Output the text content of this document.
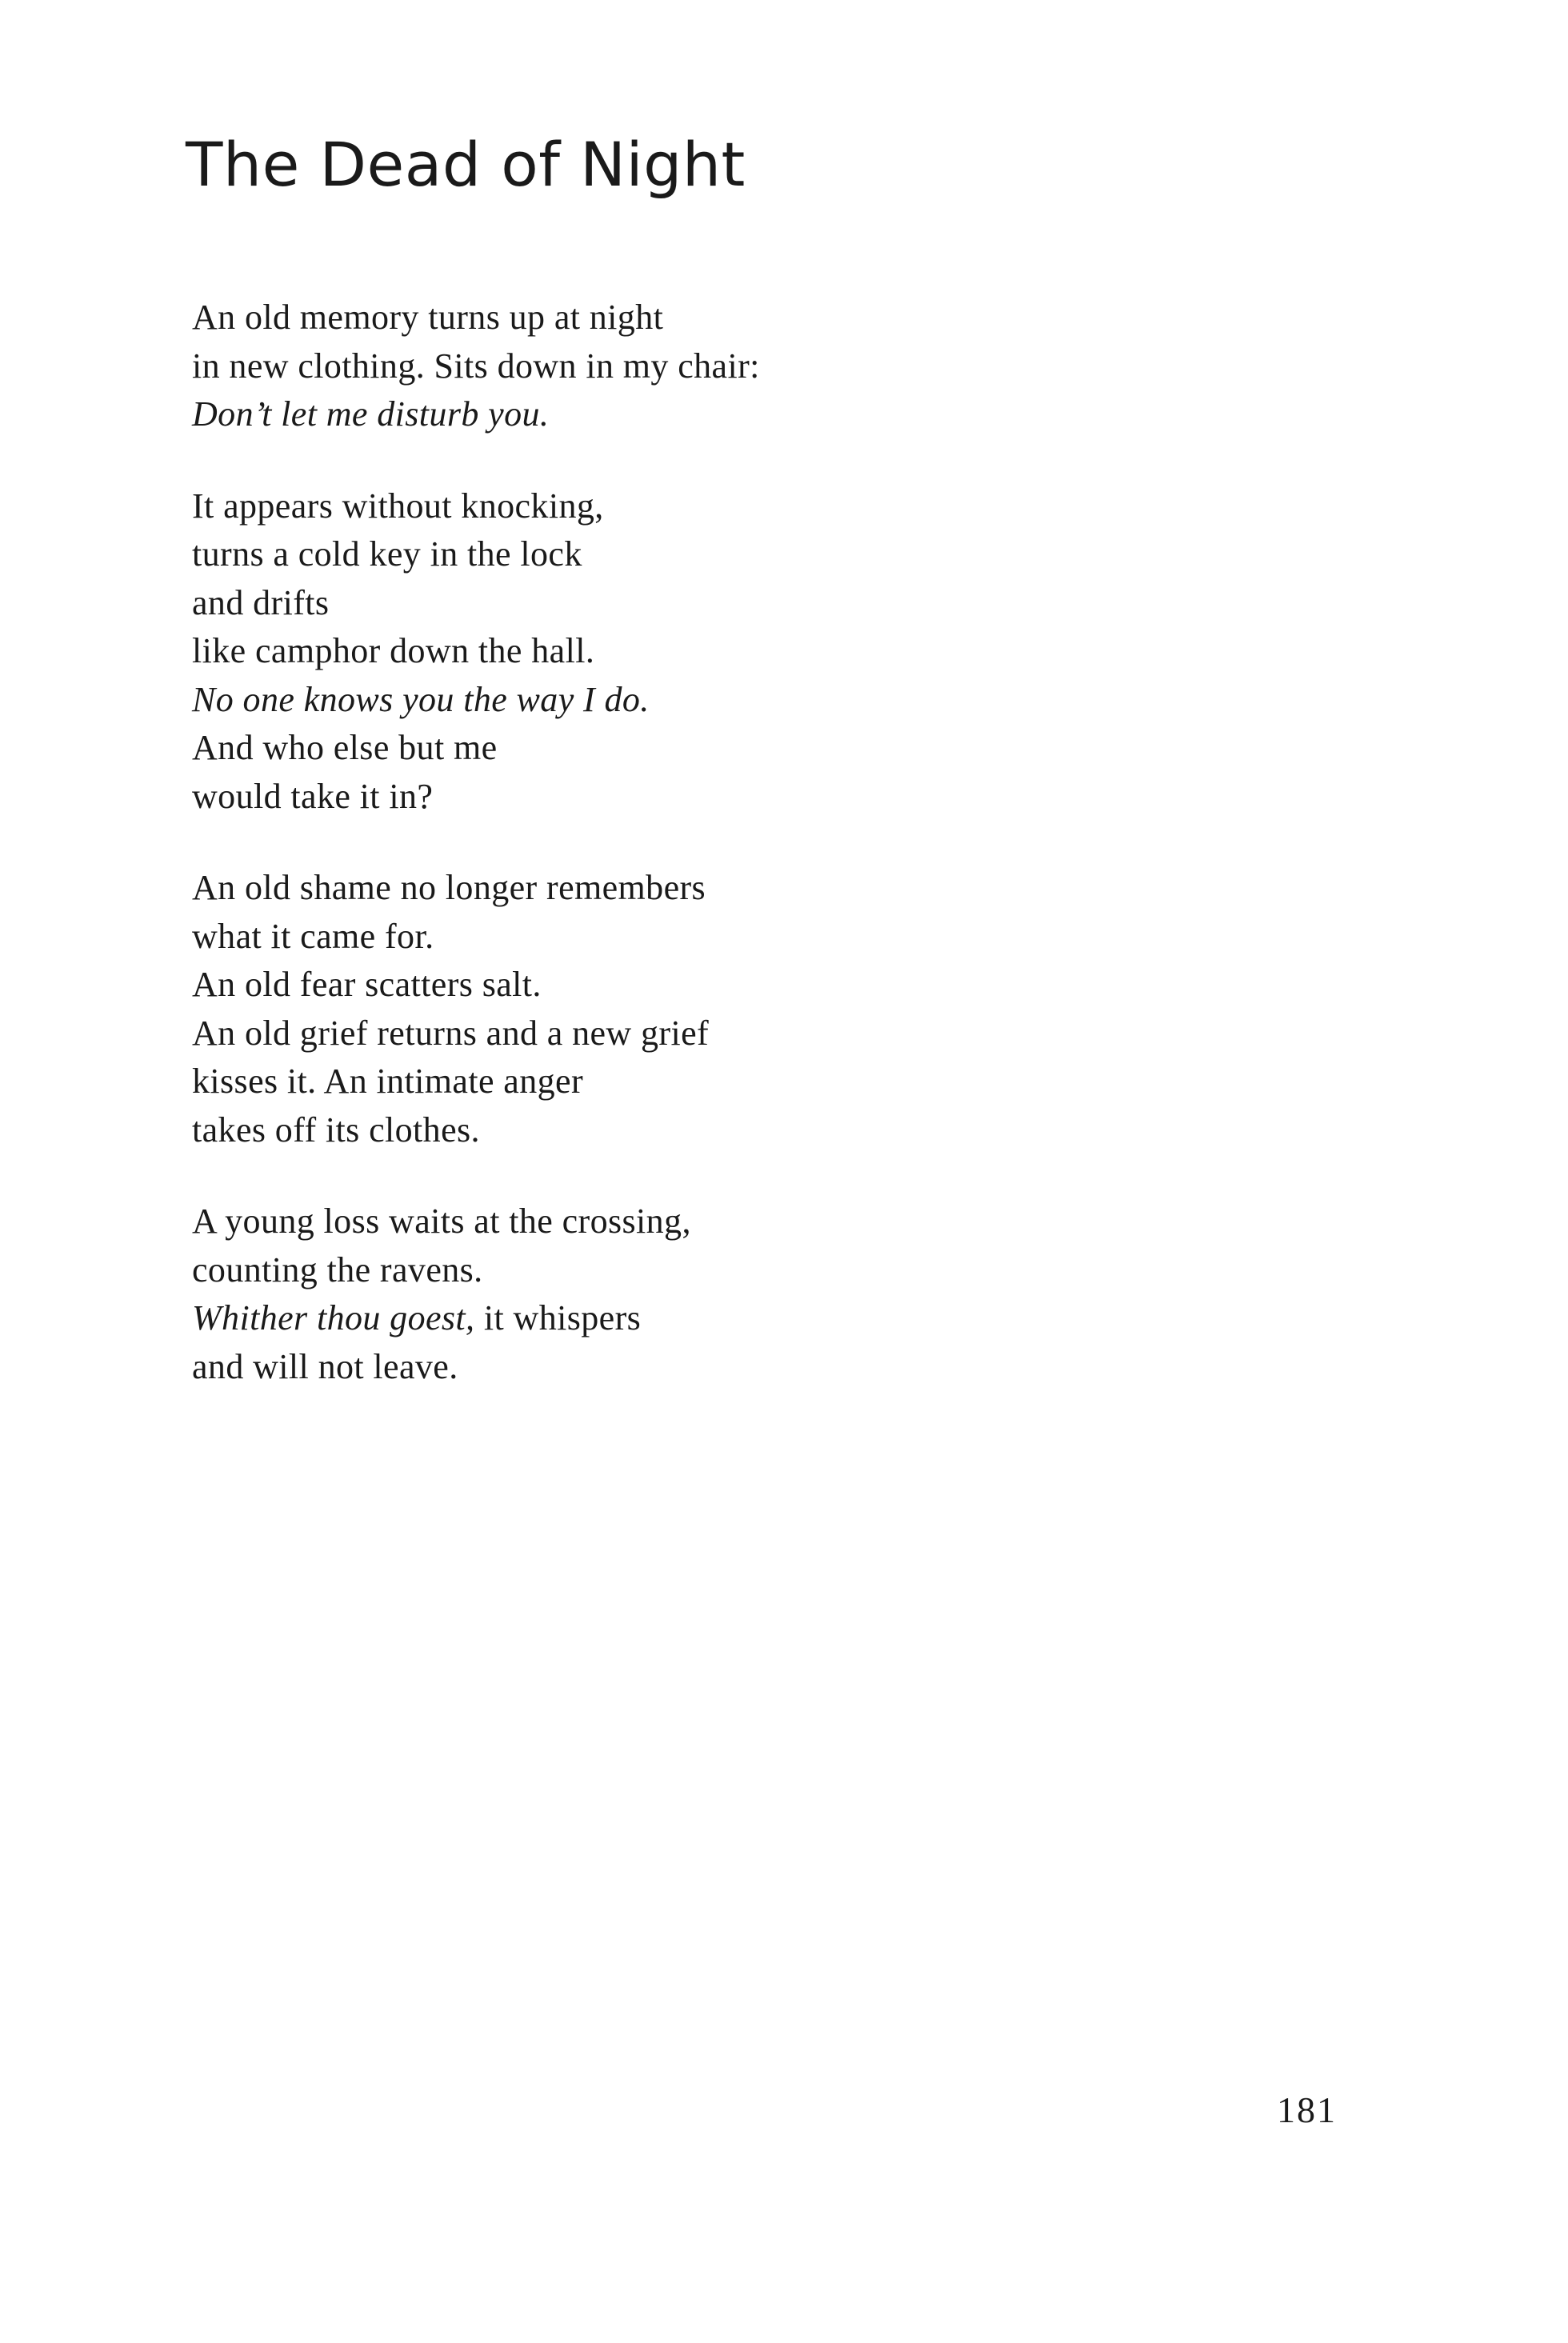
The Dead of Night
An old memory turns up at night
in new clothing. Sits down in my chair:
Don’t let me disturb you.
It appears without knocking,
turns a cold key in the lock
and drifts
like camphor down the hall.
No one knows you the way I do.
And who else but me
would take it in?
An old shame no longer remembers
what it came for.
An old fear scatters salt.
An old grief returns and a new grief
kisses it. An intimate anger
takes off its clothes.
A young loss waits at the crossing,
counting the ravens.
Whither thou goest, it whispers
and will not leave.
181
